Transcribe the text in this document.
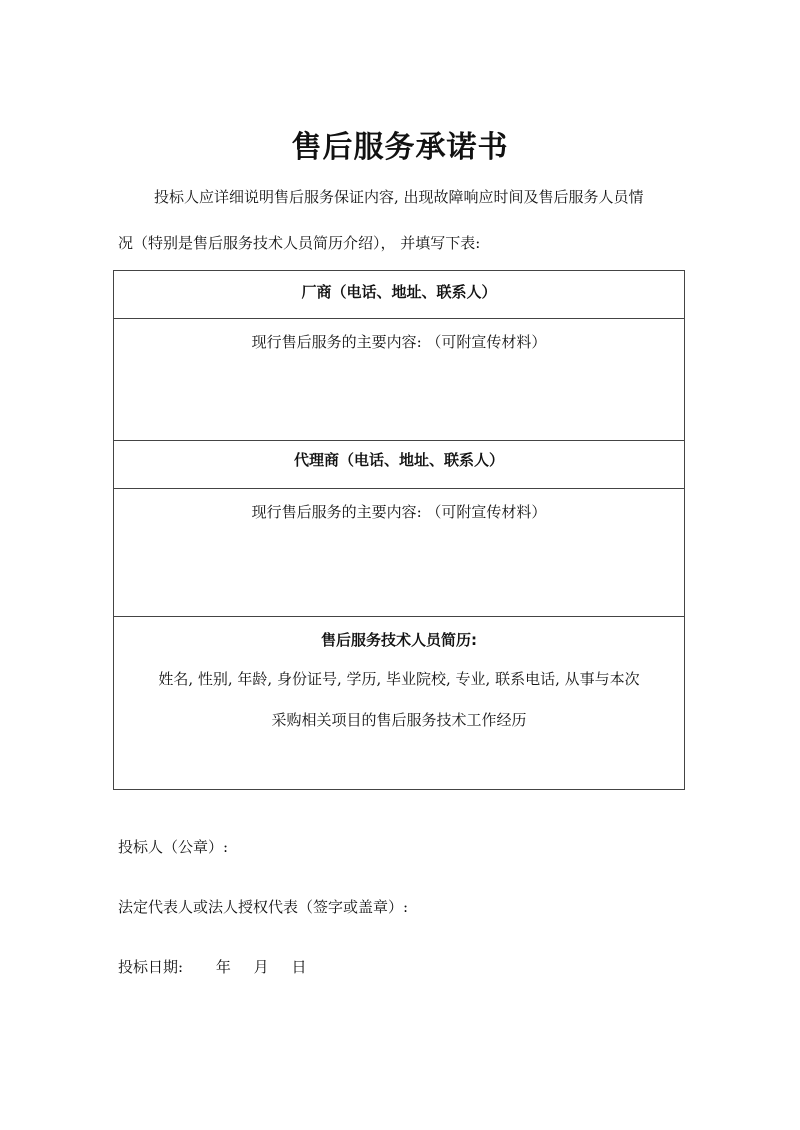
售后服务承诺书
投标人应详细说明售后服务保证内容, 出现故障响应时间及售后服务人员情
况（特别是售后服务技术人员简历介绍）， 并填写下表:
厂商（电话、地址、联系人）
现行售后服务的主要内容: （可附宣传材料）
代理商（电话、地址、联系人）
现行售后服务的主要内容: （可附宣传材料）
售后服务技术人员简历:
姓名, 性别, 年龄, 身份证号, 学历, 毕业院校, 专业, 联系电话, 从事与本次
采购相关项目的售后服务技术工作经历
投标人（公章）:
法定代表人或法人授权代表（签字或盖章）:
投标日期: 年 月 日
